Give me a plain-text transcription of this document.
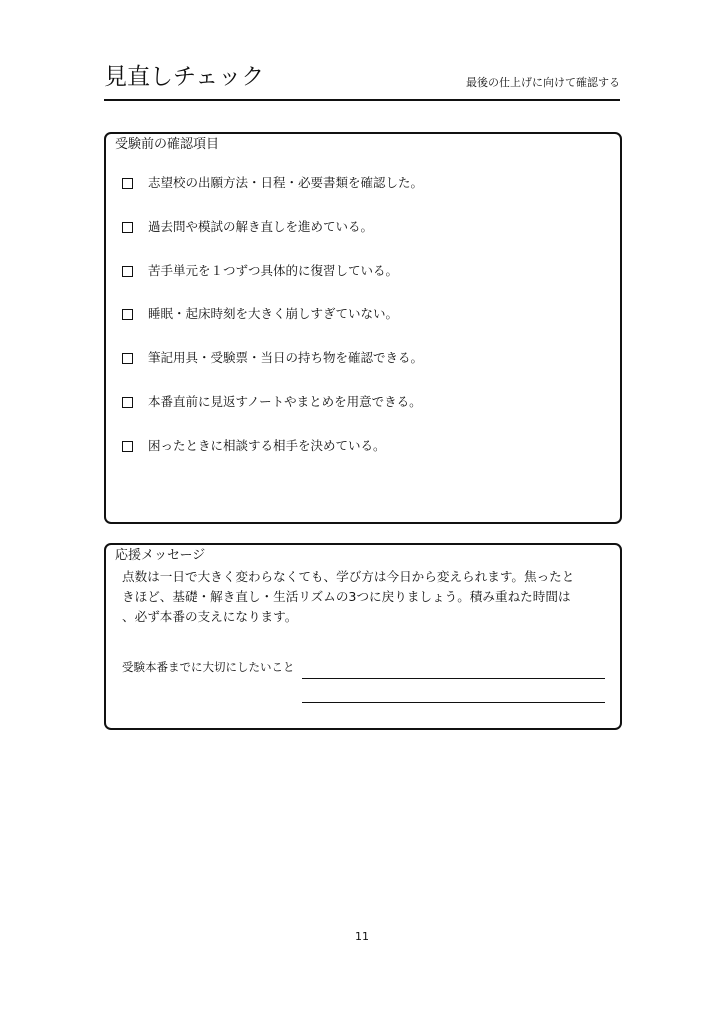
見直しチェック	最後の仕上げに向けて確認する
受験前の確認項目
志望校の出願方法・日程・必要書類を確認した。
過去問や模試の解き直しを進めている。
苦手単元を１つずつ具体的に復習している。
睡眠・起床時刻を大きく崩しすぎていない。
筆記用具・受験票・当日の持ち物を確認できる。
本番直前に見返すノートやまとめを用意できる。
困ったときに相談する相手を決めている。
応援メッセージ
点数は一日で大きく変わらなくても、学び方は今日から変えられます。焦ったと
きほど、基礎・解き直し・生活リズムの3つに戻りましょう。積み重ねた時間は
、必ず本番の支えになります。
受験本番までに大切にしたいこと
11
